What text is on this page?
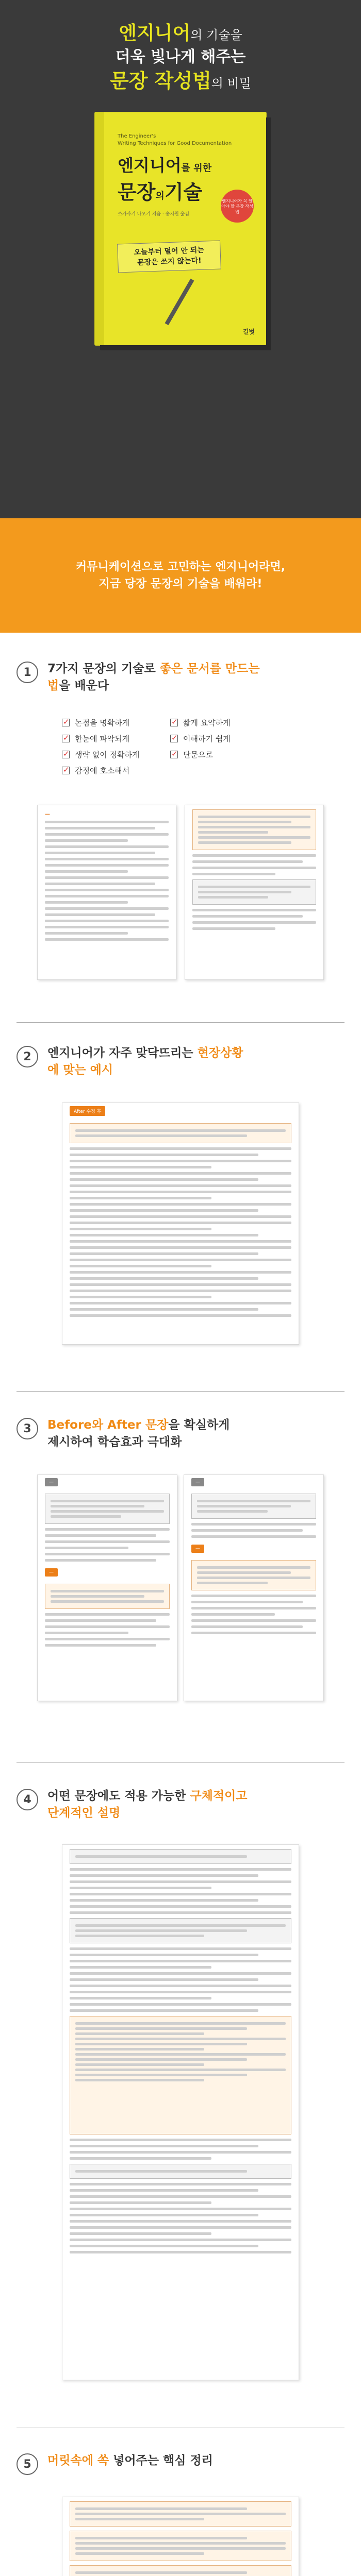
엔지니어의 기술을
더욱 빛나게 해주는
문장 작성법의 비밀
The Engineer's
Writing Techniques for Good Documentation
엔지니어를 위한
문장의기술
쓰카사키 나오키 지음 · 송지원 옮김
엔지니어가 꼭 알아야 할 문장 작성법
오늘부터 덜어 안 되는
문장은 쓰지 않는다!
길벗
커뮤니케이션으로 고민하는 엔지니어라면,
지금 당장 문장의 기술을 배워라!
1	7가지 문장의 기술로 좋은 문서를 만드는
법을 배운다
✓
논점을 명확하게 ✓	짧게 요약하게
✓
한눈에 파악되게 ✓	이해하기 쉽게
✓
생략 없이 정확하게 ✓	단문으로
✓
감정에 호소해서
—
2	엔지니어가 자주 맞닥뜨리는 현장상황
에 맞는 예시
After 수정 후
3	Before와 After 문장을 확실하게
제시하여 학습효과 극대화
—
—
—
—
4	어떤 문장에도 적용 가능한 구체적이고
단계적인 설명
5	머릿속에 쏙 넣어주는 핵심 정리
